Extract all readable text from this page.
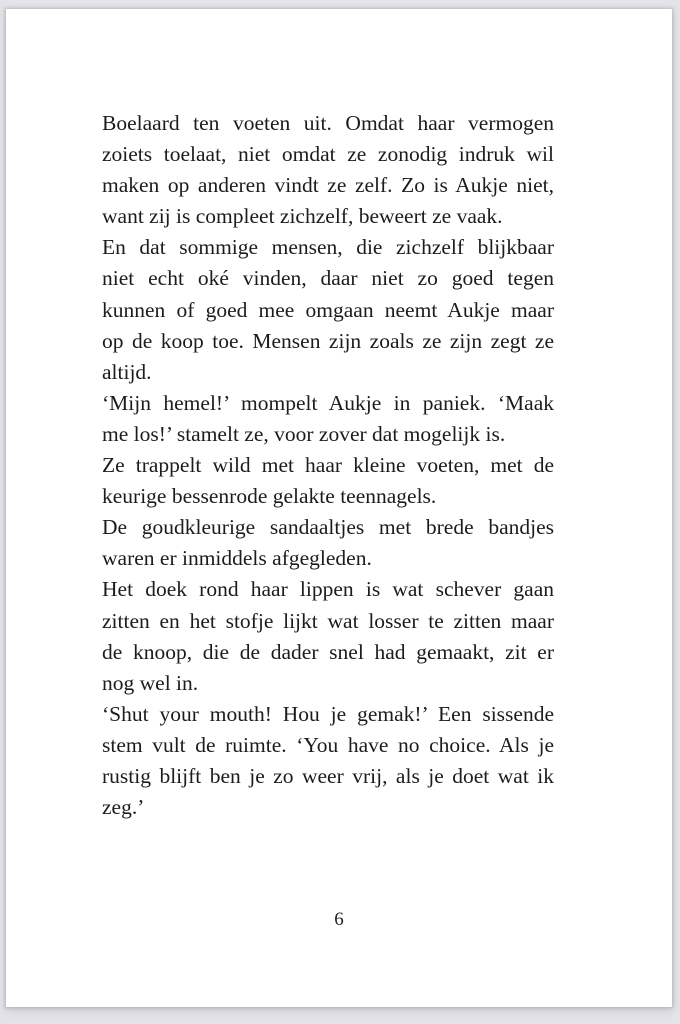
Boelaard ten voeten uit. Omdat haar vermogen
zoiets toelaat, niet omdat ze zonodig indruk wil
maken op anderen vindt ze zelf. Zo is Aukje niet,
want zij is compleet zichzelf, beweert ze vaak.
En dat sommige mensen, die zichzelf blijkbaar
niet echt oké vinden, daar niet zo goed tegen
kunnen of goed mee omgaan neemt Aukje maar
op de koop toe. Mensen zijn zoals ze zijn zegt ze
altijd.
‘Mijn hemel!’ mompelt Aukje in paniek. ‘Maak
me los!’ stamelt ze, voor zover dat mogelijk is.
Ze trappelt wild met haar kleine voeten, met de
keurige bessenrode gelakte teennagels.
De goudkleurige sandaaltjes met brede bandjes
waren er inmiddels afgegleden.
Het doek rond haar lippen is wat schever gaan
zitten en het stofje lijkt wat losser te zitten maar
de knoop, die de dader snel had gemaakt, zit er
nog wel in.
‘Shut your mouth! Hou je gemak!’ Een sissende
stem vult de ruimte. ‘You have no choice. Als je
rustig blijft ben je zo weer vrij, als je doet wat ik
zeg.’
6
